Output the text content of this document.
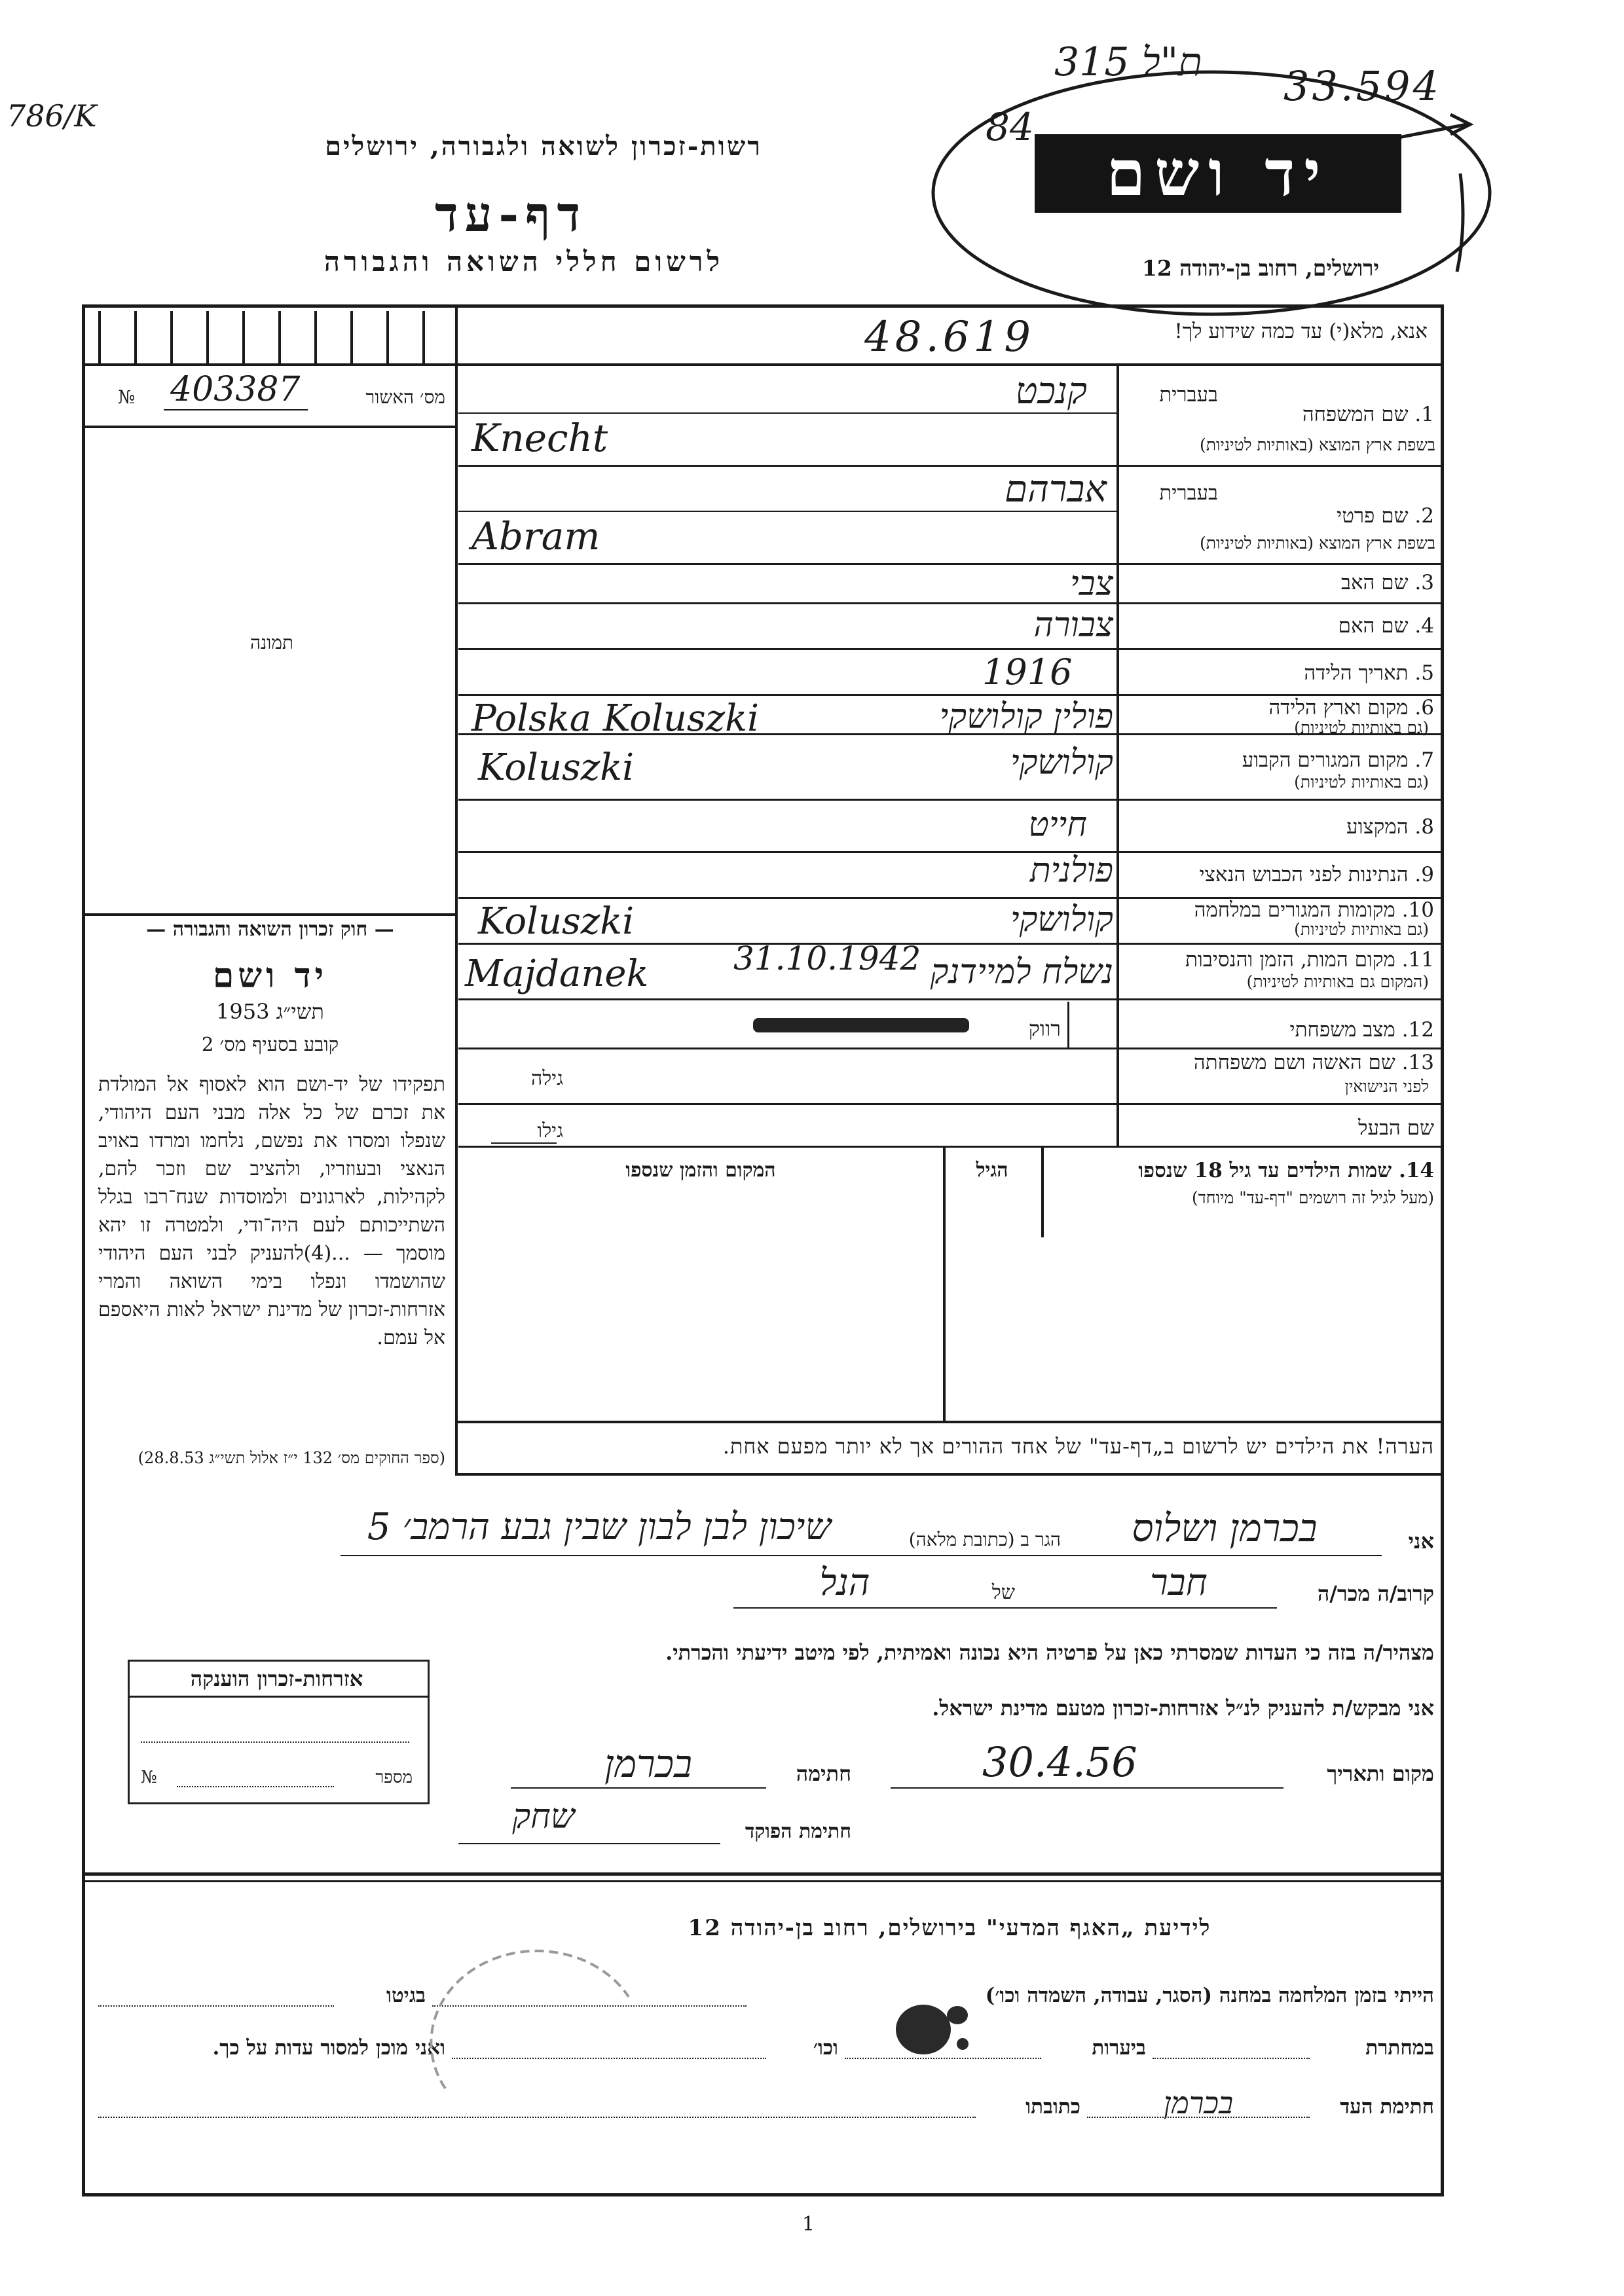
786/K
ת"ל 315 33.594
84
רשות-זכרון לשואה ולגבורה, ירושלים
דף-עד
לרשום חללי השואה והגבורה
יד ושם
ירושלים, רחוב בן-יהודה 12
אנא, מלא(י) עד כמה שידוע לך!
48.619
№ 403387	מס׳ האשור
תמונה
בעברית
1. שם המשפחה
בשפת ארץ המוצא (באותיות לטיניות)
קנכט
Knecht
בעברית
2. שם פרטי
בשפת ארץ המוצא (באותיות לטיניות)
אברהם
Abram
3. שם האב
צבי
4. שם האם
צבורה
5. תאריך הלידה
1916
6. מקום וארץ הלידה
(גם באותיות לטיניות)
פולין קולושקי
Polska Koluszki
7. מקום המגורים הקבוע
(גם באותיות לטיניות)
קולושקי
Koluszki
8. המקצוע
חייט
9. הנתינות לפני הכבוש הנאצי
פולנית
10. מקומות המגורים במלחמה
(גם באותיות לטיניות)
קולושקי
Koluszki
11. מקום המות, הזמן והנסיבות
(המקום גם באותיות לטיניות)
נשלח למיידנק
31.10.1942
Majdanek
12. מצב משפחתי
רווק
13. שם האשה ושם משפחתה
לפני הנישואין
גילה
שם הבעל
גילו
14. שמות הילדים עד גיל 18 שנספו
(מעל לגיל זה רושמים "דף-עד" מיוחד)
הגיל
המקום והזמן שנספו
— חוק זכרון השואה והגבורה —
יד ושם
תשי״ג 1953
קובע בסעיף מס׳ 2
תפקידו של יד-ושם הוא לאסוף אל המולדת את זכרם של כל אלה מבני העם היהודי, שנפלו ומסרו את נפשם, נלחמו ומרדו באויב הנאצי ובעוזריו, ולהציב שם וזכר להם, לקהילות, לארגונים ולמוסדות שנח־רבו בגלל השתייכותם לעם היה־ודי, ולמטרה זו יהא מוסמך — ...(4)להעניק לבני העם היהודי שהושמדו ונפלו בימי השואה והמרי אזרחות-זכרון של מדינת ישראל לאות היאספם אל עמם.
(ספר החוקים מס׳ 132 י״ז אלול תשי״ג 28.8.53)	הערה! את הילדים יש לרשום ב„דף-עד" של אחד ההורים אך לא יותר מפעם אחת.
אני
בכרמן ושלוס
הגר ב (כתובת מלאה)
שיכון לבן לבון שבין גבע הרמב׳ 5
קרוב/ה מכר/ה
חבר
של
הנל
מצהיר/ה בזה כי העדות שמסרתי כאן על פרטיה היא נכונה ואמיתית, לפי מיטב ידיעתי והכרתי.
אני מבקש/ת להעניק לנ״ל אזרחות-זכרון מטעם מדינת ישראל.
מקום ותאריך
30.4.56
חתימה
בכרמן
חתימת הפוקד
שחק
אזרחות-זכרון הוענקה
№	מספר
לידיעת „האגף המדעי" בירושלים, רחוב בן-יהודה 12
הייתי בזמן המלחמה במחנה (הסגר, עבודה, השמדה וכו׳)
בגיטו
במחתרת
ביערות
וכו׳
ואני מוכן למסור עדות על כך.
חתימת העד
בכרמן
כתובתו
1
